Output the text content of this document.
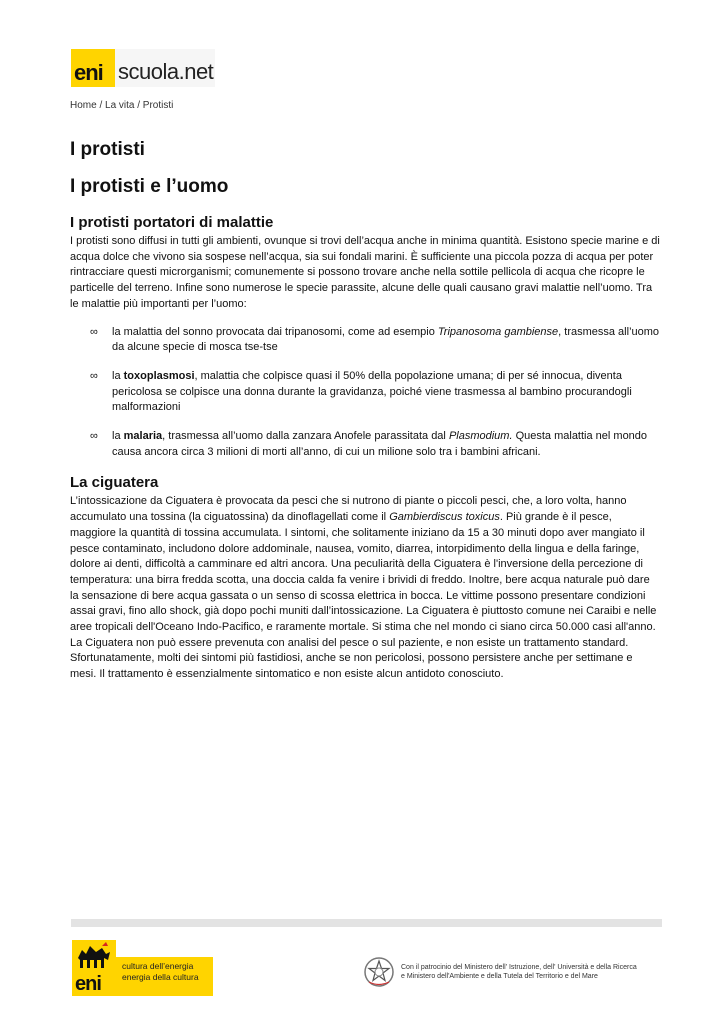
eni scuola.net
Home / La vita / Protisti
I protisti
I protisti e l’uomo
I protisti portatori di malattie

I protisti sono diffusi in tutti gli ambienti, ovunque si trovi dell’acqua anche in minima quantità. Esistono specie marine e di acqua dolce che vivono sia sospese nell’acqua, sia sui fondali marini. È sufficiente una piccola pozza di acqua per poter rintracciare questi microrganismi; comunemente si possono trovare anche nella sottile pellicola di acqua che ricopre le particelle del terreno. Infine sono numerose le specie parassite, alcune delle quali causano gravi malattie nell’uomo. Tra le malattie più importanti per l’uomo:

∞ la malattia del sonno provocata dai tripanosomi, come ad esempio Tripanosoma gambiense, trasmessa all’uomo da alcune specie di mosca tse-tse
∞ la toxoplasmosi, malattia che colpisce quasi il 50% della popolazione umana; di per sé innocua, diventa pericolosa se colpisce una donna durante la gravidanza, poiché viene trasmessa al bambino procurandogli malformazioni
∞ la malaria, trasmessa all’uomo dalla zanzara Anofele parassitata dal Plasmodium. Questa malattia nel mondo causa ancora circa 3 milioni di morti all’anno, di cui un milione solo tra i bambini africani.
La ciguatera

L’intossicazione da Ciguatera è provocata da pesci che si nutrono di piante o piccoli pesci, che, a loro volta, hanno accumulato una tossina (la ciguatossina) da dinoflagellati come il Gambierdiscus toxicus. Più grande è il pesce, maggiore la quantità di tossina accumulata. I sintomi, che solitamente iniziano da 15 a 30 minuti dopo aver mangiato il pesce contaminato, includono dolore addominale, nausea, vomito, diarrea, intorpidimento della lingua e della faringe, dolore ai denti, difficoltà a camminare ed altri ancora. Una peculiarità della Ciguatera è l'inversione della percezione di temperatura: una birra fredda scotta, una doccia calda fa venire i brividi di freddo. Inoltre, bere acqua naturale può dare la sensazione di bere acqua gassata o un senso di scossa elettrica in bocca. Le vittime possono presentare condizioni assai gravi, fino allo shock, già dopo pochi muniti dall’intossicazione. La Ciguatera è piuttosto comune nei Caraibi e nelle aree tropicali dell'Oceano Indo-Pacifico, e raramente mortale. Si stima che nel mondo ci siano circa 50.000 casi all'anno. La Ciguatera non può essere prevenuta con analisi del pesce o sul paziente, e non esiste un trattamento standard. Sfortunatamente, molti dei sintomi più fastidiosi, anche se non pericolosi, possono persistere anche per settimane e mesi. Il trattamento è essenzialmente sintomatico e non esiste alcun antidoto conosciuto.

eni
cultura dell’energia
energia della cultura
Con il patrocinio del Ministero dell' Istruzione, dell' Università e della Ricerca
e Ministero dell'Ambiente e della Tutela del Territorio e del Mare
